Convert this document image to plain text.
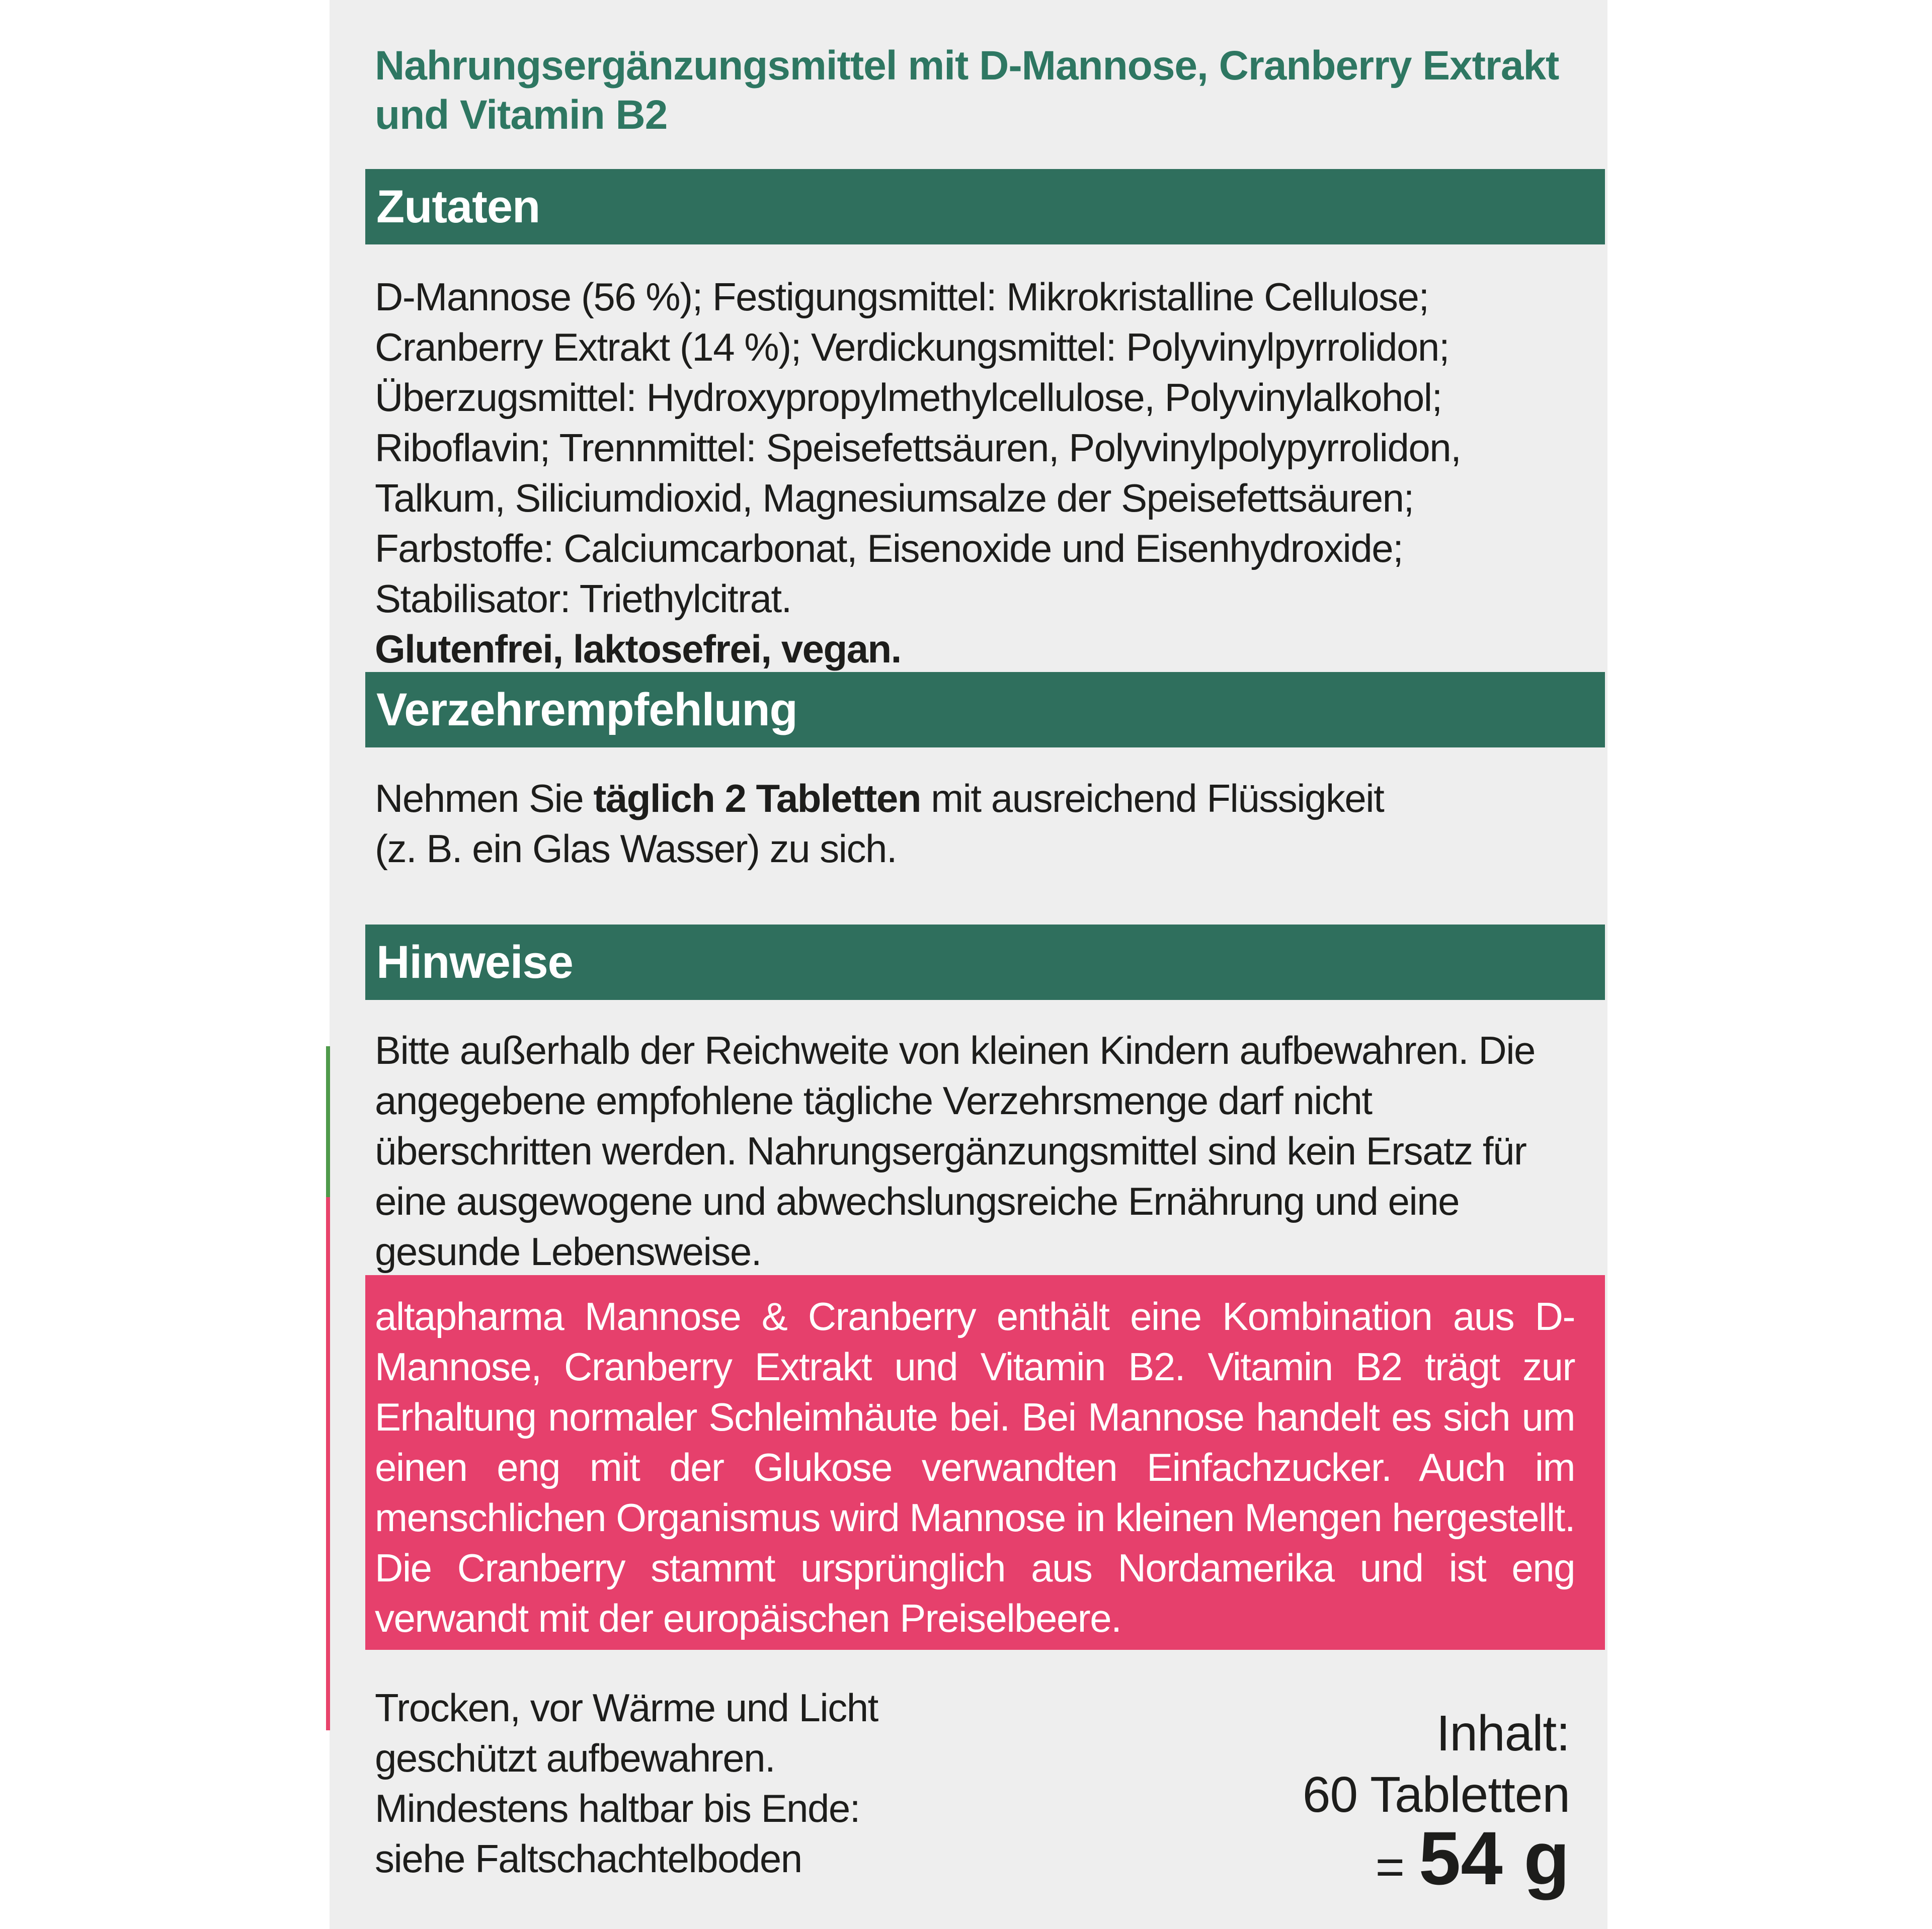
Nahrungsergänzungsmittel mit D-Mannose, Cranberry Extrakt
und Vitamin B2
Zutaten
D-Mannose (56 %); Festigungsmittel: Mikrokristalline Cellulose; Cranberry Extrakt (14 %); Verdickungsmittel: Polyvinylpyrrolidon; Überzugsmittel: Hydroxypropylmethylcellulose, Polyvinylalkohol; Riboflavin; Trennmittel: Speisefettsäuren, Polyvinylpolypyrrolidon, Talkum, Siliciumdioxid, Magnesiumsalze der Speisefettsäuren; Farbstoffe: Calciumcarbonat, Eisenoxide und Eisenhydroxide; Stabilisator: Triethylcitrat.
Glutenfrei, laktosefrei, vegan.
Verzehrempfehlung
Nehmen Sie täglich 2 Tabletten mit ausreichend Flüssigkeit
(z. B. ein Glas Wasser) zu sich.
Hinweise
Bitte außerhalb der Reichweite von kleinen Kindern aufbewahren. Die angegebene empfohlene tägliche Verzehrsmenge darf nicht überschritten werden. Nahrungsergänzungsmittel sind kein Ersatz für eine ausgewogene und abwechslungsreiche Ernährung und eine gesunde Lebensweise.
altapharma Mannose & Cranberry enthält eine Kombination aus D-Mannose, Cranberry Extrakt und Vitamin B2. Vitamin B2 trägt zur Erhaltung normaler Schleimhäute bei. Bei Mannose handelt es sich um einen eng mit der Glukose verwandten Einfachzucker. Auch im menschlichen Organismus wird Mannose in kleinen Mengen hergestellt. Die Cranberry stammt ursprünglich aus Nordamerika und ist eng verwandt mit der europäischen Preiselbeere.
Trocken, vor Wärme und Licht
geschützt aufbewahren.
Mindestens haltbar bis Ende:
siehe Faltschachtelboden
Inhalt:
60 Tabletten
= 54 g
